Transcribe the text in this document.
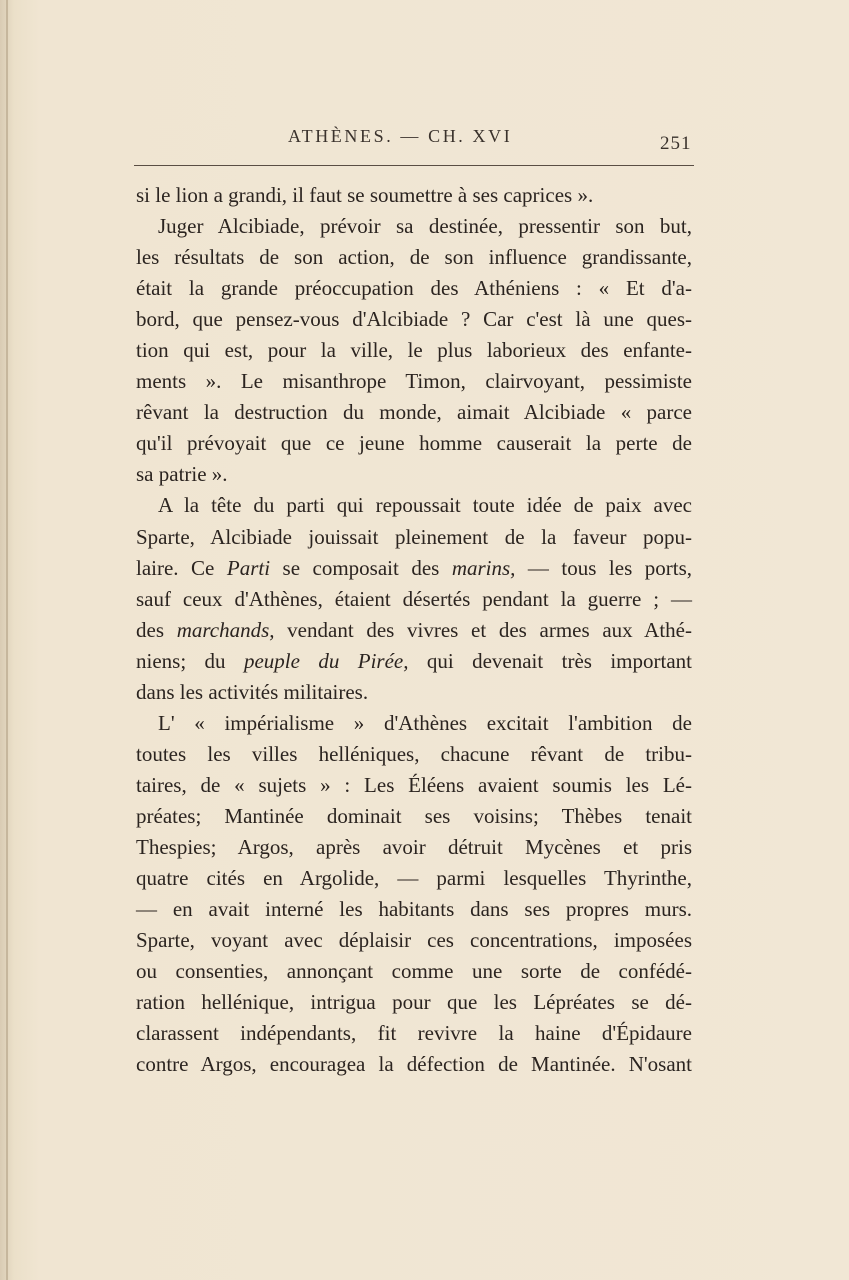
ATHÈNES. — CH. XVI	251
si le lion a grandi, il faut se soumettre à ses caprices ».
Juger Alcibiade, prévoir sa destinée, pressentir son but,
les résultats de son action, de son influence grandissante,
était la grande préoccupation des Athéniens : « Et d'a-
bord, que pensez-vous d'Alcibiade ? Car c'est là une ques-
tion qui est, pour la ville, le plus laborieux des enfante-
ments ». Le misanthrope Timon, clairvoyant, pessimiste
rêvant la destruction du monde, aimait Alcibiade « parce
qu'il prévoyait que ce jeune homme causerait la perte de
sa patrie ».
A la tête du parti qui repoussait toute idée de paix avec
Sparte, Alcibiade jouissait pleinement de la faveur popu-
laire. Ce Parti se composait des marins, — tous les ports,
sauf ceux d'Athènes, étaient désertés pendant la guerre ; —
des marchands, vendant des vivres et des armes aux Athé-
niens; du peuple du Pirée, qui devenait très important
dans les activités militaires.
L' « impérialisme » d'Athènes excitait l'ambition de
toutes les villes helléniques, chacune rêvant de tribu-
taires, de « sujets » : Les Éléens avaient soumis les Lé-
préates; Mantinée dominait ses voisins; Thèbes tenait
Thespies; Argos, après avoir détruit Mycènes et pris
quatre cités en Argolide, — parmi lesquelles Thyrinthe,
— en avait interné les habitants dans ses propres murs.
Sparte, voyant avec déplaisir ces concentrations, imposées
ou consenties, annonçant comme une sorte de confédé-
ration hellénique, intrigua pour que les Lépréates se dé-
clarassent indépendants, fit revivre la haine d'Épidaure
contre Argos, encouragea la défection de Mantinée. N'osant
